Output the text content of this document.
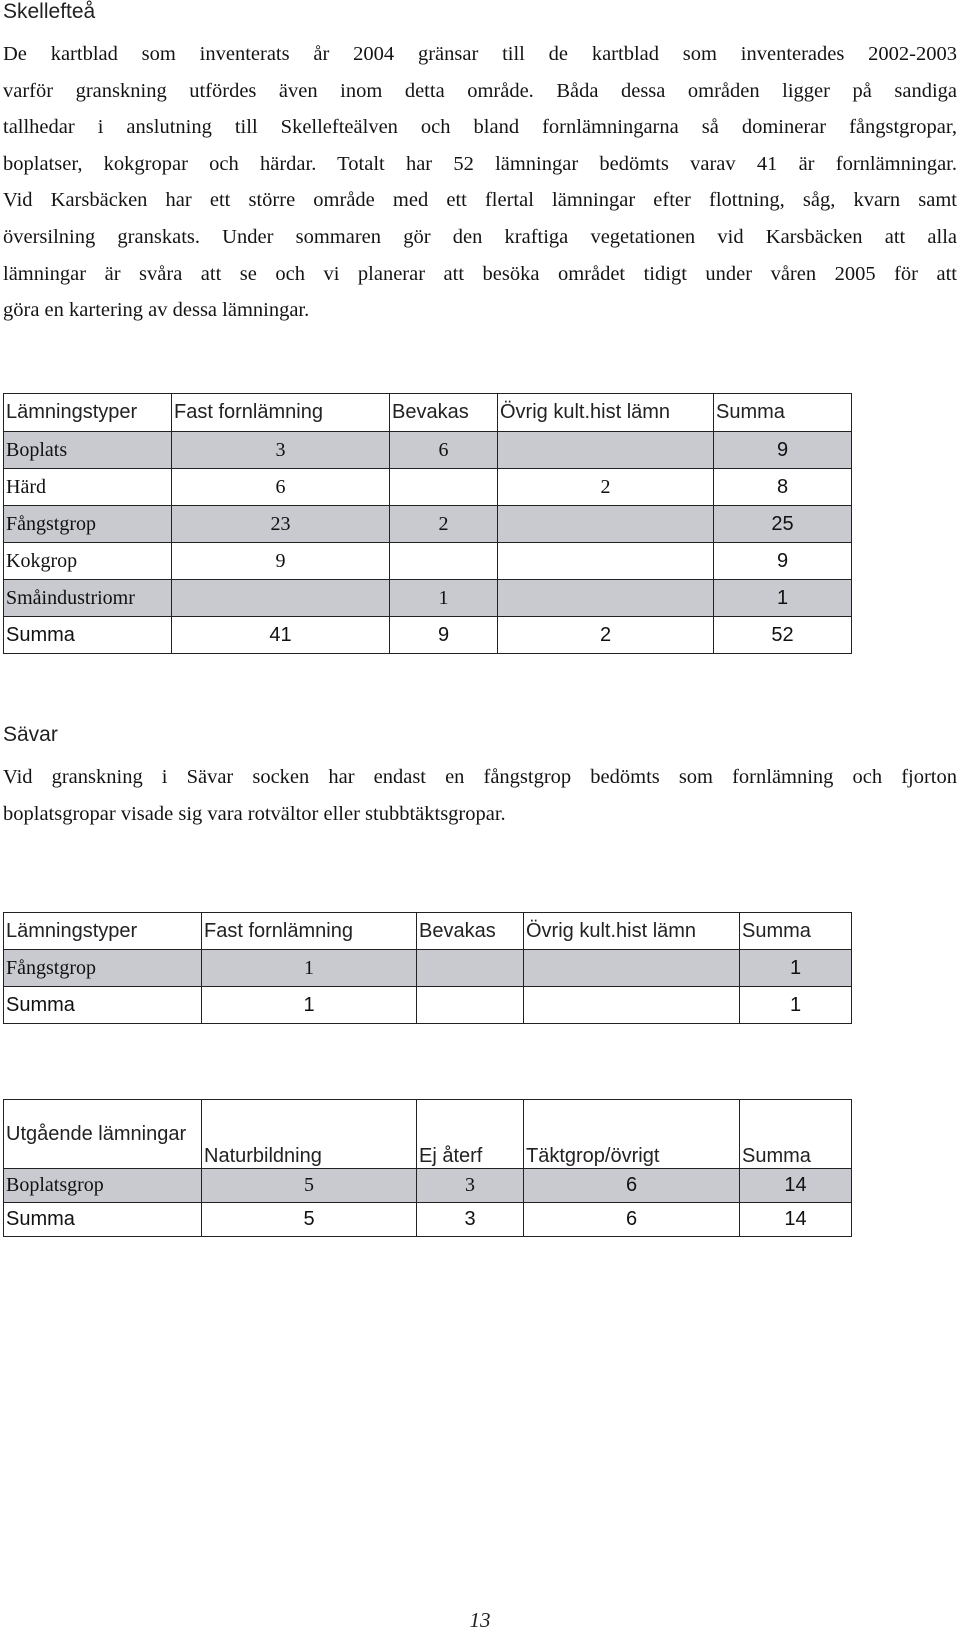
Skellefteå
De kartblad som inventerats år 2004 gränsar till de kartblad som inventerades 2002-2003
varför granskning utfördes även inom detta område. Båda dessa områden ligger på sandiga
tallhedar i anslutning till Skellefteälven och bland fornlämningarna så dominerar fångstgropar,
boplatser, kokgropar och härdar. Totalt har 52 lämningar bedömts varav 41 är fornlämningar.
Vid Karsbäcken har ett större område med ett flertal lämningar efter flottning, såg, kvarn samt
översilning granskats. Under sommaren gör den kraftiga vegetationen vid Karsbäcken att alla
lämningar är svåra att se och vi planerar att besöka området tidigt under våren 2005 för att
göra en kartering av dessa lämningar.
Lämningstyper	Fast fornlämning	Bevakas	Övrig kult.hist lämn	Summa
Boplats	3	6		9
Härd	6		2	8
Fångstgrop	23	2		25
Kokgrop	9			9
Småindustriomr		1		1
Summa	41	9	2	52
Sävar
Vid granskning i Sävar socken har endast en fångstgrop bedömts som fornlämning och fjorton
boplatsgropar visade sig vara rotvältor eller stubbtäktsgropar.
Lämningstyper	Fast fornlämning	Bevakas	Övrig kult.hist lämn	Summa
Fångstgrop	1			1
Summa	1			1
Utgående lämningar	Naturbildning	Ej återf	Täktgrop/övrigt	Summa
Boplatsgrop	5	3	6	14
Summa	5	3	6	14
13
